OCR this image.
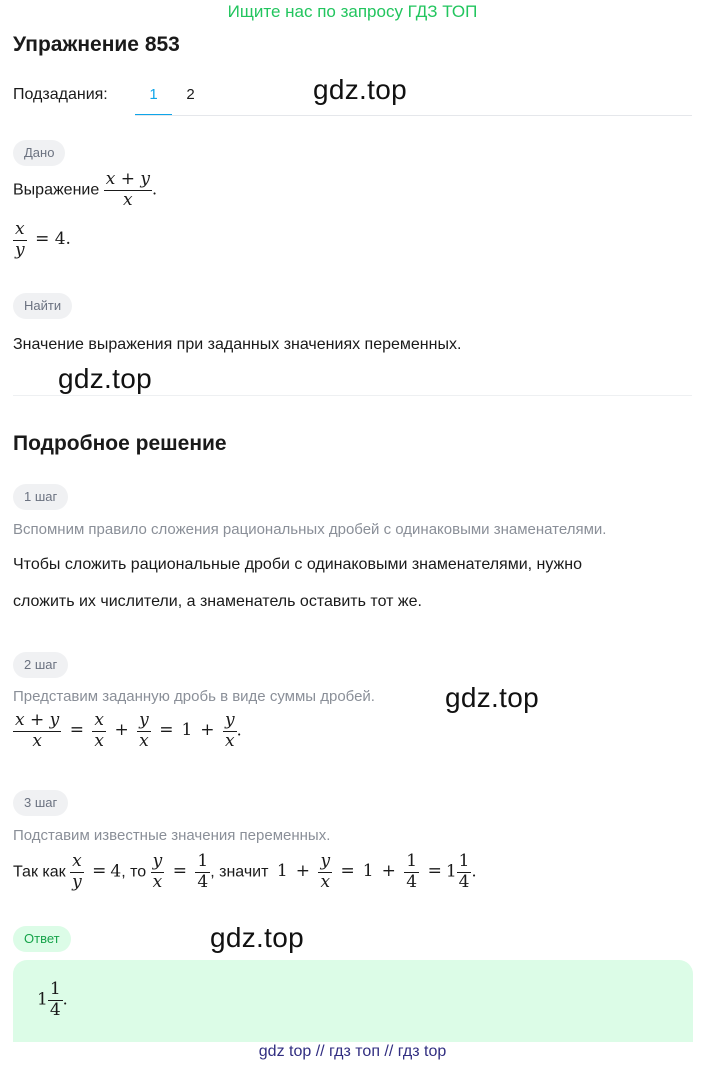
Ищите нас по запросу ГДЗ ТОП
Упражнение 853
Подзадания:	1	2	gdz.top
Дано
Выражение $\frac{x + y}{x}$ .
$\frac{x}{y} = 4$.
Найти
Значение выражения при заданных значениях переменных.
gdz.top
Подробное решение
1 шаг
Вспомним правило сложения рациональных дробей с одинаковыми знаменателями.
Чтобы сложить рациональные дроби с одинаковыми знаменателями, нужно
сложить их числители, а знаменатель оставить тот же.
2 шаг
Представим заданную дробь в виде суммы дробей.	gdz.top
$\frac{x + y}{x} = \frac{x}{x} + \frac{y}{x} = 1 + \frac{y}{x}$ .
3 шаг
Подставим известные значения переменных.
Так как $\frac{x}{y} = 4$, то $\frac{y}{x} = \frac{1}{4}$ , значит $1 + \frac{y}{x} = 1 + \frac{1}{4} = 1 \frac{1}{4}$ .
Ответ	gdz.top
$1 \frac{1}{4}$ .
gdz top // гдз топ // гдз top
